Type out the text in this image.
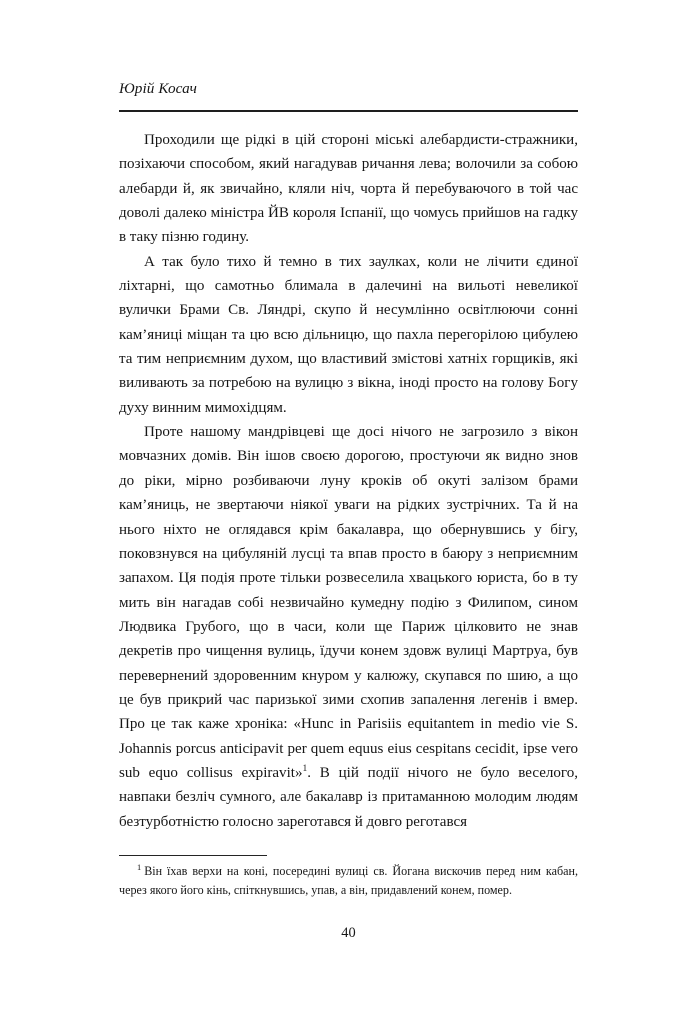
Юрій Косач

Проходили ще рідкі в цій стороні міські алебардисти-стражники, позіхаючи способом, який нагадував ричання лева; волочили за собою алебарди й, як звичайно, кляли ніч, чорта й перебуваючого в той час доволі далеко міністра ЙВ короля Іспанії, що чомусь прийшов на гадку в таку пізню годину.

А так було тихо й темно в тих заулках, коли не лічити єдиної ліхтарні, що самотньо блимала в далечині на вильоті невеликої вулички Брами Св. Ляндрі, скупо й несумлінно освітлюючи сонні кам’яниці міщан та цю всю дільницю, що пахла перегорілою цибулею та тим неприємним духом, що властивий змістові хатніх горщиків, які виливають за потребою на вулицю з вікна, іноді просто на голову Богу духу винним мимохідцям.

Проте нашому мандрівцеві ще досі нічого не загрозило з вікон мовчазних домів. Він ішов своєю дорогою, простуючи як видно знов до ріки, мірно розбиваючи луну кроків об окуті залізом брами кам’яниць, не звертаючи ніякої уваги на рідких зустрічних. Та й на нього ніхто не оглядався крім бакалавра, що обернувшись у бігу, поковзнувся на цибуляній лусці та впав просто в баюру з неприємним запахом. Ця подія проте тільки розвеселила хвацького юриста, бо в ту мить він нагадав собі незвичайно кумедну подію з Филипом, сином Людвика Грубого, що в часи, коли ще Париж цілковито не знав декретів про чищення вулиць, їдучи конем здовж вулиці Мартруа, був перевернений здоровенним кнуром у калюжу, скупався по шию, а що це був прикрий час паризької зими схопив запалення легенів і вмер. Про це так каже хроніка: «Hunc in Parisiis equitantem in medio vie S. Johannis porcus anticipavit per quem equus eius cespitans cecidit, ipse vero sub equo collisus expiravit»$^1$. В цій події нічого не було веселого, навпаки безліч сумного, але бакалавр із притаманною молодим людям безтурботністю голосно зареготався й довго реготався

$^1$ Він їхав верхи на коні, посередині вулиці св. Йогана вискочив перед ним кабан, через якого його кінь, спіткнувшись, упав, а він, придавлений конем, помер.

40
